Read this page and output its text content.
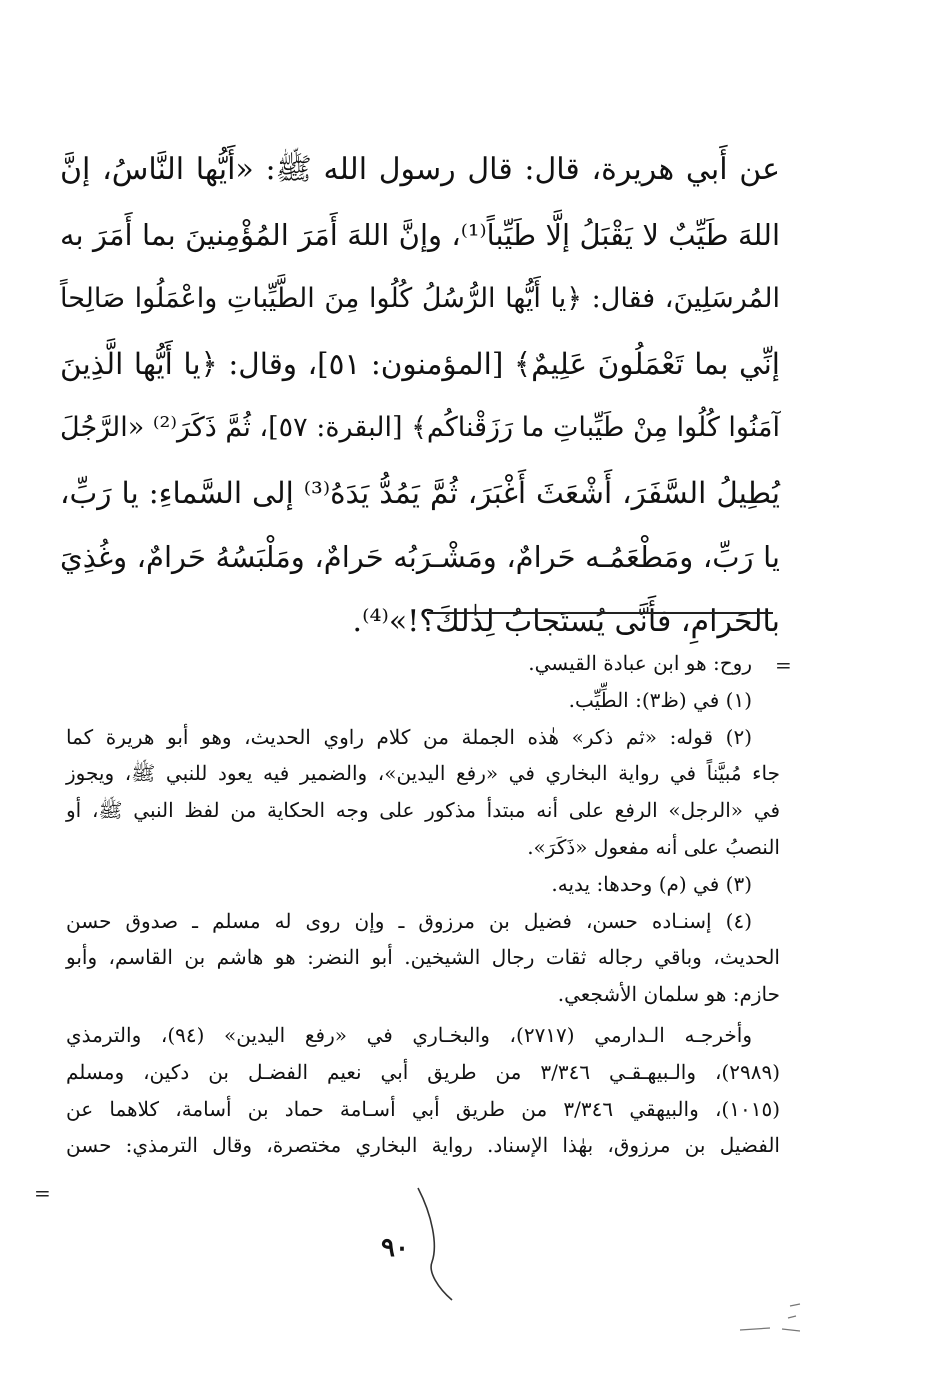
عن أَبي هريرة، قال: قال رسول الله ﷺ: «أَيُّها النَّاسُ، إنَّ
اللهَ طَيِّبٌ لا يَقْبَلُ إلَّا طَيِّباً⁽¹⁾، وإنَّ اللهَ أَمَرَ المُؤْمِنينَ بما أَمَرَ به
المُرسَلِينَ، فقال: ﴿يا أَيُّها الرُّسُلُ كُلُوا مِنَ الطَّيِّباتِ واعْمَلُوا صَالِحاً
إنِّي بما تَعْمَلُونَ عَلِيمٌ﴾ [المؤمنون: ٥١]، وقال: ﴿يا أَيُّها الَّذِينَ
آمَنُوا كُلُوا مِنْ طَيِّباتِ ما رَزَقْناكُم﴾ [البقرة: ٥٧]، ثُمَّ ذَكَرَ⁽²⁾ «الرَّجُلَ
يُطِيلُ السَّفَرَ، أَشْعَثَ أَغْبَرَ، ثُمَّ يَمُدُّ يَدَهُ⁽³⁾ إلى السَّماءِ: يا رَبِّ،
يا رَبِّ، ومَطْعَمُـه حَرامٌ، ومَشْـرَبُه حَرامٌ، ومَلْبَسُهُ حَرامٌ، وغُذِيَ
بالحَرامِ، فأَنَّى يُستَجابُ لِذٰلكَ؟!»⁽⁴⁾.
=
روح: هو ابن عبادة القيسي.
(١) في (ظ٣): الطِّيِّب.
(٢) قوله: «ثم ذكر» هٰذه الجملة من كلام راوي الحديث، وهو أبو هريرة كما
جاء مُبيَّناً في رواية البخاري في «رفع اليدين»، والضمير فيه يعود للنبي ﷺ، ويجوز
في «الرجل» الرفع على أنه مبتدأ مذكور على وجه الحكاية من لفظ النبي ﷺ، أو
النصبُ على أنه مفعول «ذَكَرَ».
(٣) في (م) وحدها: يديه.
(٤) إسنـاده حسن، فضيل بن مرزوق ـ وإن روى له مسلم ـ صدوق حسن
الحديث، وباقي رجاله ثقات رجال الشيخين. أبو النضر: هو هاشم بن القاسم، وأبو
حازم: هو سلمان الأشجعي.
وأخرجـه الـدارمي (٢٧١٧)، والبخـاري في «رفع اليدين» (٩٤)، والترمذي
(٢٩٨٩)، والـبيهـقـي ٣/٣٤٦ من طريق أبي نعيم الفضـل بن دكين، ومسلم
(١٠١٥)، والبيهقي ٣/٣٤٦ من طريق أبي أسـامة حماد بن أسامة، كلاهما عن
الفضيل بن مرزوق، بهٰذا الإسناد. رواية البخاري مختصرة، وقال الترمذي: حسن
=
٩٠
